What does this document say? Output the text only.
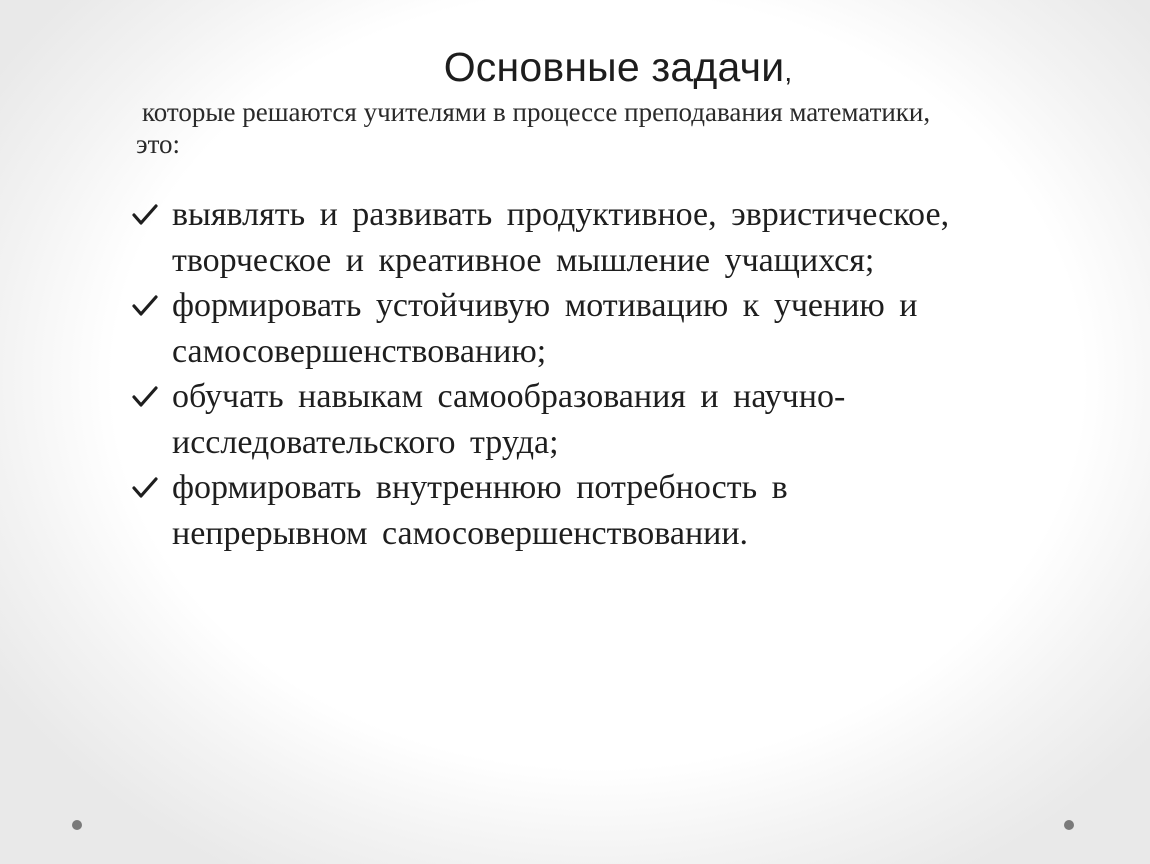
Основные задачи,
которые решаются учителями в процессе преподавания математики,
это:
выявлять и развивать продуктивное, эвристическое,
творческое и креативное мышление учащихся;
формировать устойчивую мотивацию к учению и
самосовершенствованию;
обучать навыкам самообразования и научно-
исследовательского труда;
формировать внутреннюю потребность в
непрерывном самосовершенствовании.
